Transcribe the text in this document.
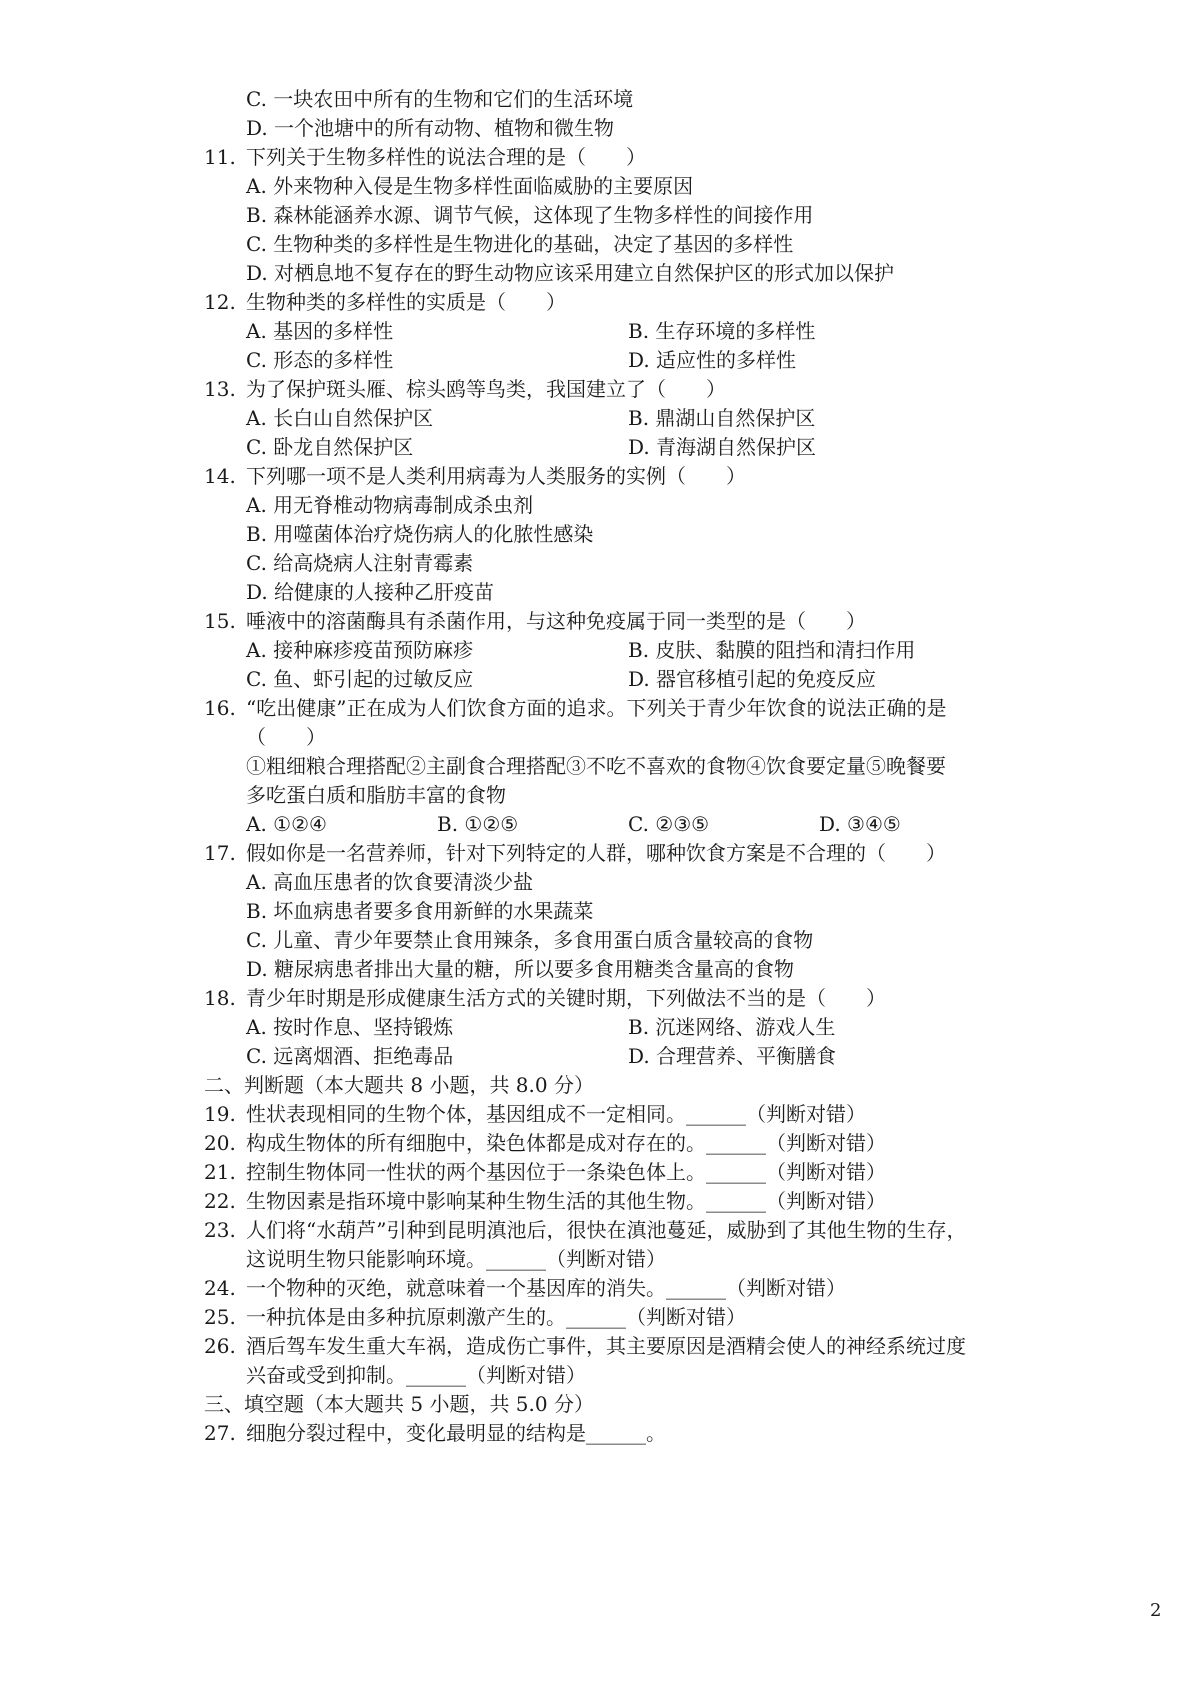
C. 一块农田中所有的生物和它们的生活环境
D. 一个池塘中的所有动物、植物和微生物
11. 下列关于生物多样性的说法合理的是（　　）
A. 外来物种入侵是生物多样性面临威胁的主要原因
B. 森林能涵养水源、调节气候，这体现了生物多样性的间接作用
C. 生物种类的多样性是生物进化的基础，决定了基因的多样性
D. 对栖息地不复存在的野生动物应该采用建立自然保护区的形式加以保护
12. 生物种类的多样性的实质是（　　）
A. 基因的多样性	B. 生存环境的多样性
C. 形态的多样性	D. 适应性的多样性
13. 为了保护斑头雁、棕头鸥等鸟类，我国建立了（　　）
A. 长白山自然保护区	B. 鼎湖山自然保护区
C. 卧龙自然保护区	D. 青海湖自然保护区
14. 下列哪一项不是人类利用病毒为人类服务的实例（　　）
A. 用无脊椎动物病毒制成杀虫剂
B. 用噬菌体治疗烧伤病人的化脓性感染
C. 给高烧病人注射青霉素
D. 给健康的人接种乙肝疫苗
15. 唾液中的溶菌酶具有杀菌作用，与这种免疫属于同一类型的是（　　）
A. 接种麻疹疫苗预防麻疹	B. 皮肤、黏膜的阻挡和清扫作用
C. 鱼、虾引起的过敏反应	D. 器官移植引起的免疫反应
16. “吃出健康”正在成为人们饮食方面的追求。下列关于青少年饮食的说法正确的是
（　　）
①粗细粮合理搭配②主副食合理搭配③不吃不喜欢的食物④饮食要定量⑤晚餐要
多吃蛋白质和脂肪丰富的食物
A. ①②④	B. ①②⑤	C. ②③⑤	D. ③④⑤
17. 假如你是一名营养师，针对下列特定的人群，哪种饮食方案是不合理的（　　）
A. 高血压患者的饮食要清淡少盐
B. 坏血病患者要多食用新鲜的水果蔬菜
C. 儿童、青少年要禁止食用辣条，多食用蛋白质含量较高的食物
D. 糖尿病患者排出大量的糖，所以要多食用糖类含量高的食物
18. 青少年时期是形成健康生活方式的关键时期，下列做法不当的是（　　）
A. 按时作息、坚持锻炼	B. 沉迷网络、游戏人生
C. 远离烟酒、拒绝毒品	D. 合理营养、平衡膳食
二、判断题（本大题共 8 小题，共 8.0 分）
19. 性状表现相同的生物个体，基因组成不一定相同。______（判断对错）
20. 构成生物体的所有细胞中，染色体都是成对存在的。______（判断对错）
21. 控制生物体同一性状的两个基因位于一条染色体上。______（判断对错）
22. 生物因素是指环境中影响某种生物生活的其他生物。______（判断对错）
23. 人们将“水葫芦”引种到昆明滇池后，很快在滇池蔓延，威胁到了其他生物的生存，
这说明生物只能影响环境。______（判断对错）
24. 一个物种的灭绝，就意味着一个基因库的消失。______（判断对错）
25. 一种抗体是由多种抗原刺激产生的。______（判断对错）
26. 酒后驾车发生重大车祸，造成伤亡事件，其主要原因是酒精会使人的神经系统过度
兴奋或受到抑制。______（判断对错）
三、填空题（本大题共 5 小题，共 5.0 分）
27. 细胞分裂过程中，变化最明显的结构是______。
2
